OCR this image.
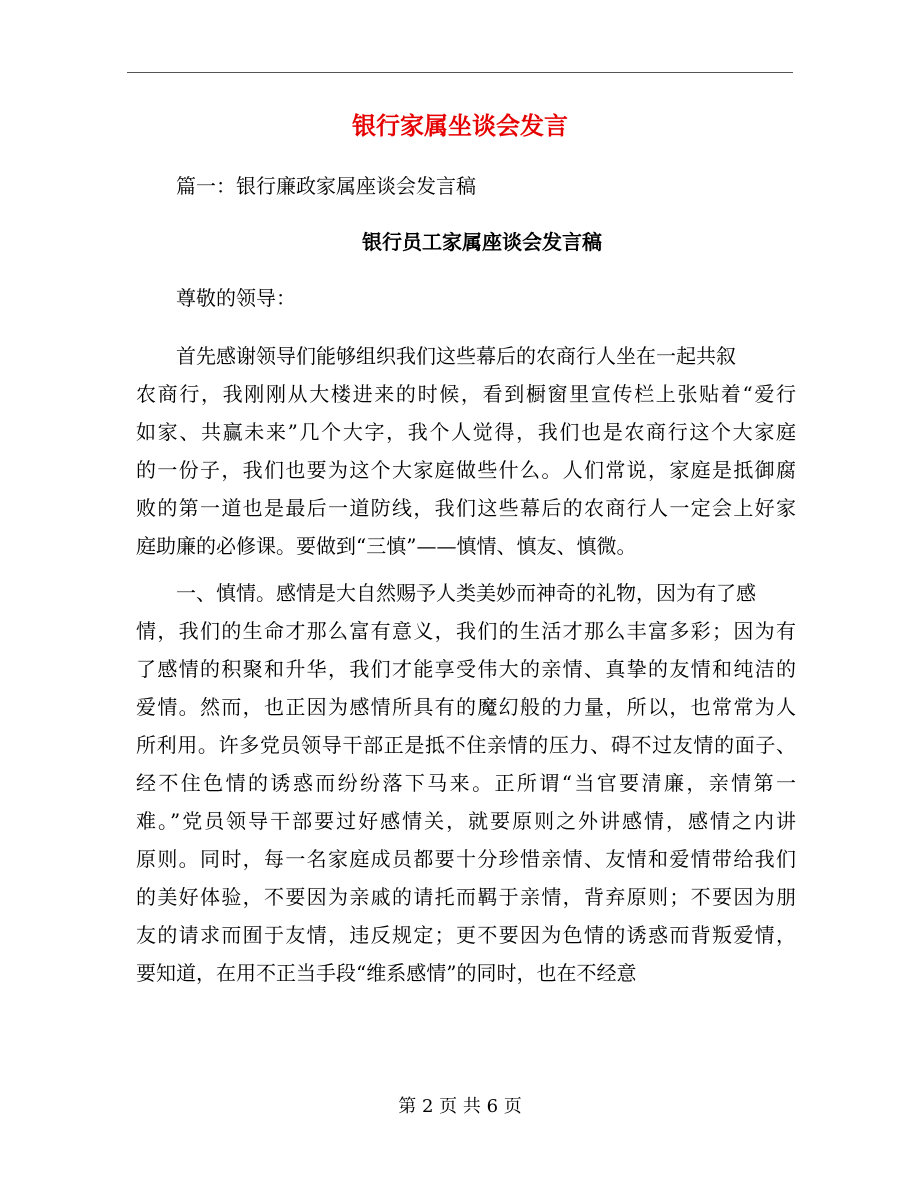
银行家属坐谈会发言
篇一：银行廉政家属座谈会发言稿
银行员工家属座谈会发言稿
尊敬的领导：
首先感谢领导们能够组织我们这些幕后的农商行人坐在一起共叙
农商行，我刚刚从大楼进来的时候，看到橱窗里宣传栏上张贴着“爱行
如家、共赢未来”几个大字，我个人觉得，我们也是农商行这个大家庭
的一份子，我们也要为这个大家庭做些什么。人们常说，家庭是抵御腐
败的第一道也是最后一道防线，我们这些幕后的农商行人一定会上好家
庭助廉的必修课。要做到“三慎”——慎情、慎友、慎微。
一、慎情。感情是大自然赐予人类美妙而神奇的礼物，因为有了感
情，我们的生命才那么富有意义，我们的生活才那么丰富多彩；因为有
了感情的积聚和升华，我们才能享受伟大的亲情、真挚的友情和纯洁的
爱情。然而，也正因为感情所具有的魔幻般的力量，所以，也常常为人
所利用。许多党员领导干部正是抵不住亲情的压力、碍不过友情的面子、
经不住色情的诱惑而纷纷落下马来。正所谓“当官要清廉，亲情第一
难。”党员领导干部要过好感情关，就要原则之外讲感情，感情之内讲
原则。同时，每一名家庭成员都要十分珍惜亲情、友情和爱情带给我们
的美好体验，不要因为亲戚的请托而羁于亲情，背弃原则；不要因为朋
友的请求而囿于友情，违反规定；更不要因为色情的诱惑而背叛爱情，
要知道，在用不正当手段“维系感情”的同时，也在不经意
第 2 页 共 6 页
